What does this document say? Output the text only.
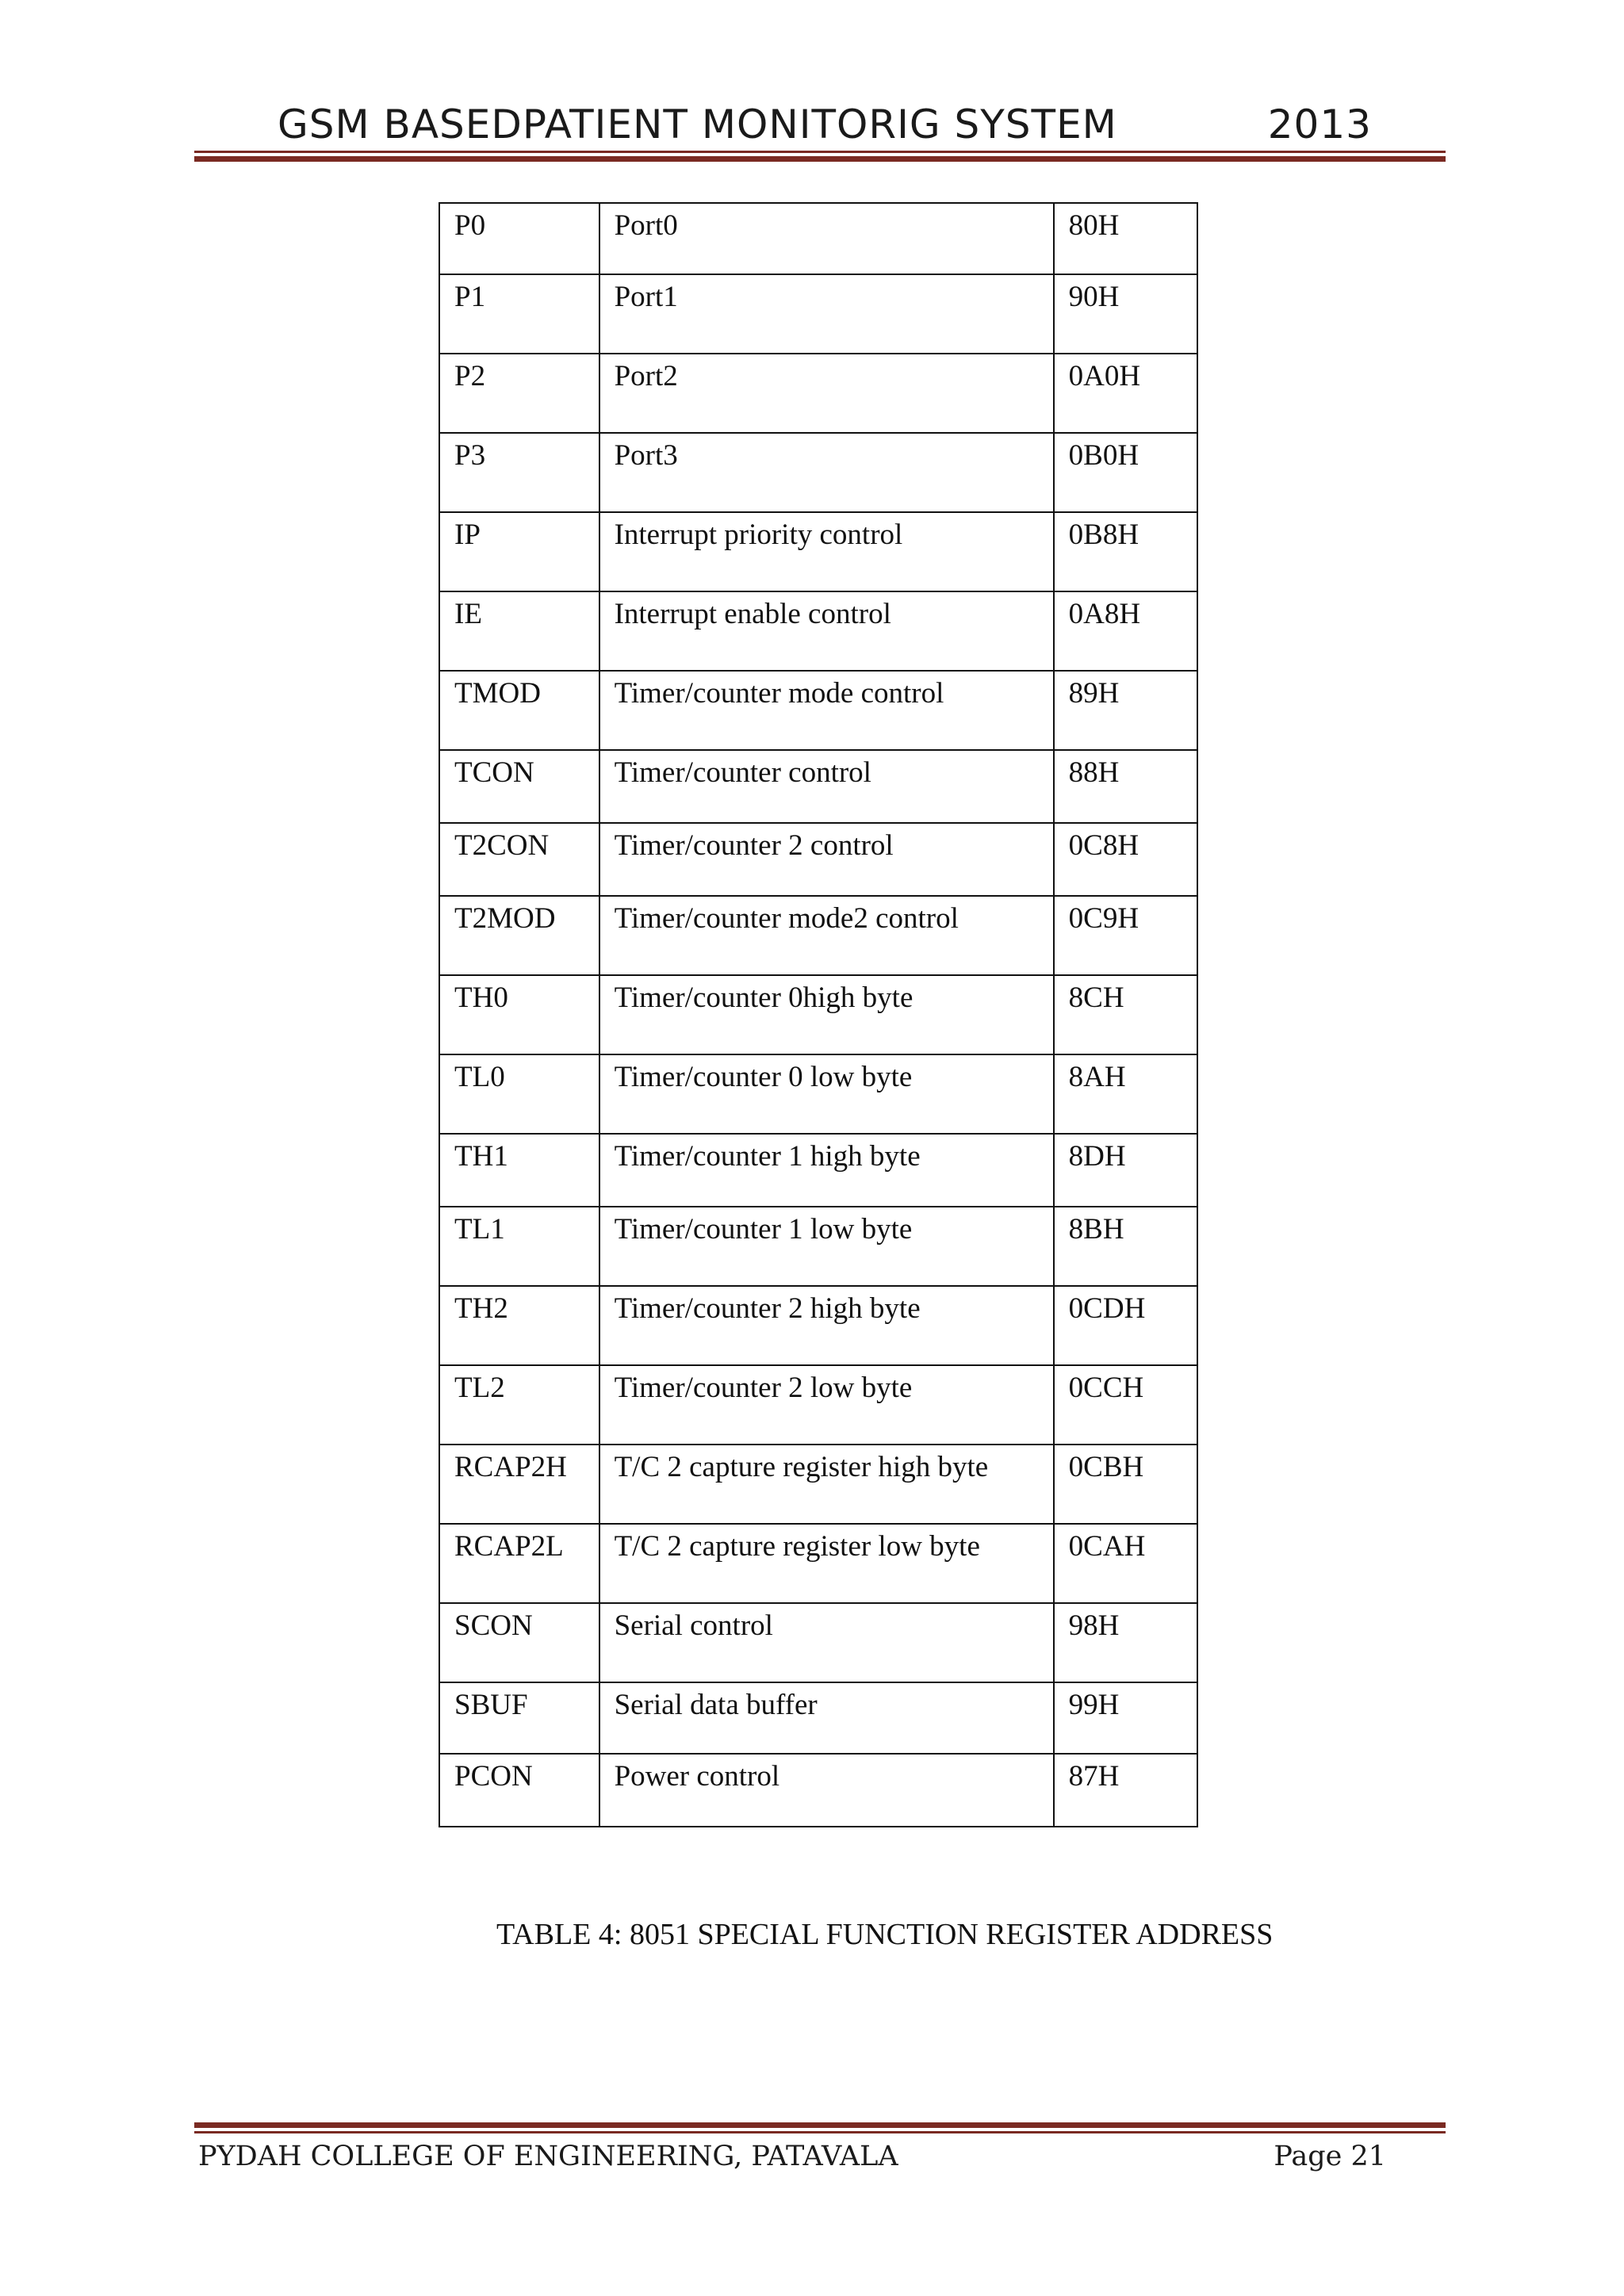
GSM BASEDPATIENT MONITORIG SYSTEM	2013
P0	Port0	80H
P1	Port1	90H
P2	Port2	0A0H
P3	Port3	0B0H
IP	Interrupt priority control	0B8H
IE	Interrupt enable control	0A8H
TMOD	Timer/counter mode control	89H
TCON	Timer/counter control	88H
T2CON	Timer/counter 2 control	0C8H
T2MOD	Timer/counter mode2 control	0C9H
TH0	Timer/counter 0high byte	8CH
TL0	Timer/counter 0 low byte	8AH
TH1	Timer/counter 1 high byte	8DH
TL1	Timer/counter 1 low byte	8BH
TH2	Timer/counter 2 high byte	0CDH
TL2	Timer/counter 2 low byte	0CCH
RCAP2H	T/C 2 capture register high byte	0CBH
RCAP2L	T/C 2 capture register low byte	0CAH
SCON	Serial control	98H
SBUF	Serial data buffer	99H
PCON	Power control	87H
TABLE 4: 8051 SPECIAL FUNCTION REGISTER ADDRESS
PYDAH COLLEGE OF ENGINEERING, PATAVALA	Page 21
